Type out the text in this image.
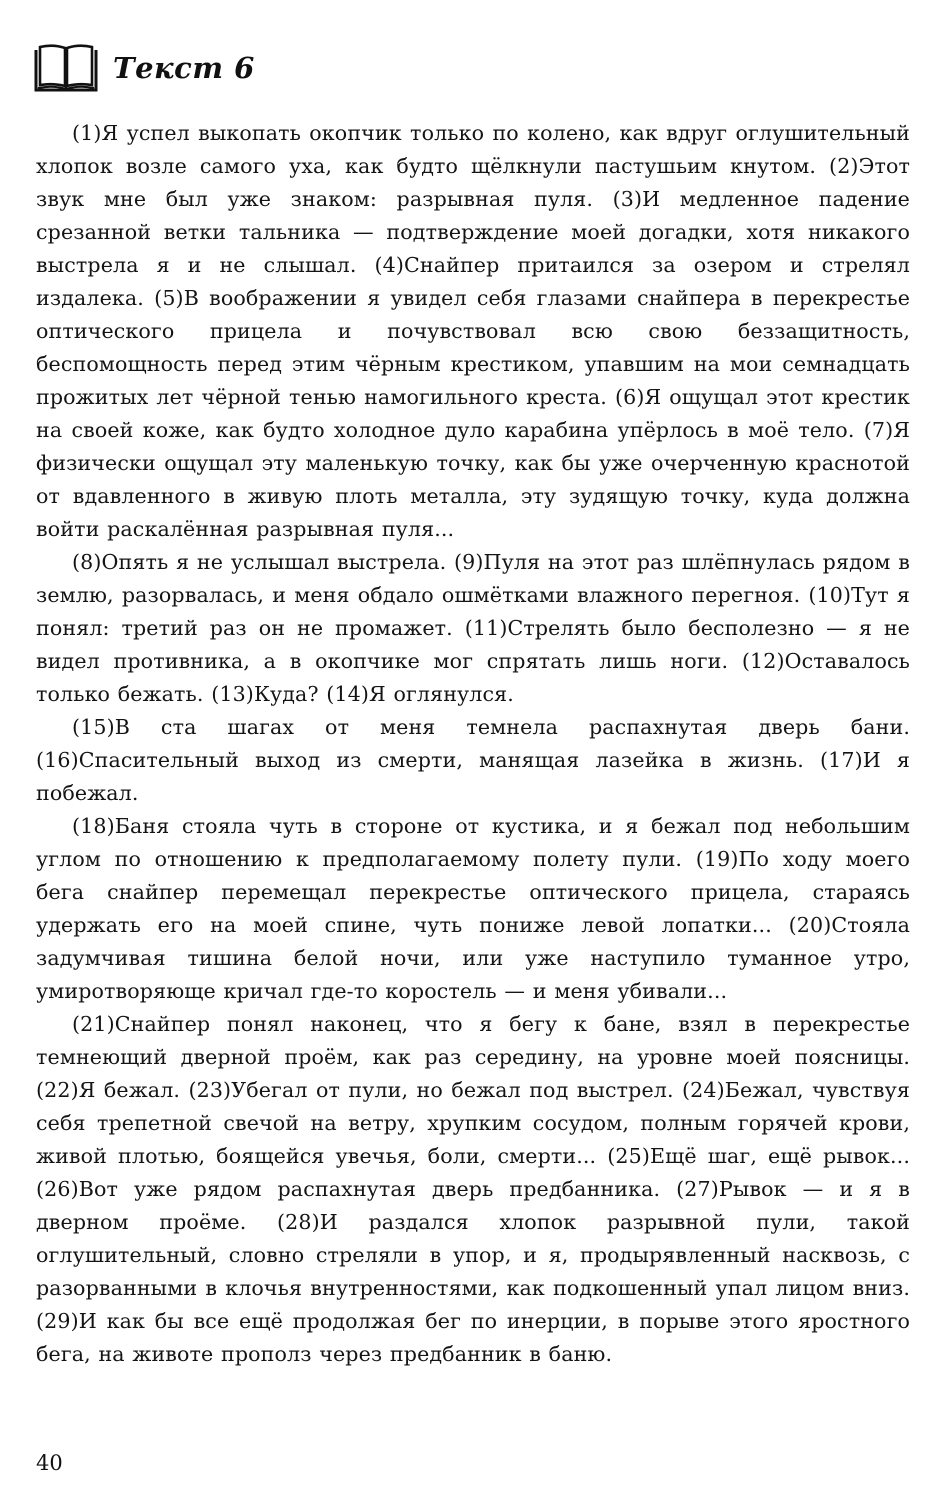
Текст 6

(1)Я успел выкопать окопчик только по колено, как вдруг оглушительный хлопок возле самого уха, как будто щёлкнули пастушьим кнутом. (2)Этот звук мне был уже знаком: разрывная пуля. (3)И медленное падение срезанной ветки тальника — подтверждение моей догадки, хотя никакого выстрела я и не слышал. (4)Снайпер притаился за озером и стрелял издалека. (5)В воображении я увидел себя глазами снайпера в перекрестье оптического прицела и почувствовал всю свою беззащитность, беспомощность перед этим чёрным крестиком, упавшим на мои семнадцать прожитых лет чёрной тенью намогильного креста. (6)Я ощущал этот крестик на своей коже, как будто холодное дуло карабина упёрлось в моё тело. (7)Я физически ощущал эту маленькую точку, как бы уже очерченную краснотой от вдавленного в живую плоть металла, эту зудящую точку, куда должна войти раскалённая разрывная пуля...

(8)Опять я не услышал выстрела. (9)Пуля на этот раз шлёпнулась рядом в землю, разорвалась, и меня обдало ошмётками влажного перегноя. (10)Тут я понял: третий раз он не промажет. (11)Стрелять было бесполезно — я не видел противника, а в окопчике мог спрятать лишь ноги. (12)Оставалось только бежать. (13)Куда? (14)Я оглянулся.

(15)В ста шагах от меня темнела распахнутая дверь бани. (16)Спасительный выход из смерти, манящая лазейка в жизнь. (17)И я побежал.

(18)Баня стояла чуть в стороне от кустика, и я бежал под небольшим углом по отношению к предполагаемому полету пули. (19)По ходу моего бега снайпер перемещал перекрестье оптического прицела, стараясь удержать его на моей спине, чуть пониже левой лопатки... (20)Стояла задумчивая тишина белой ночи, или уже наступило туманное утро, умиротворяюще кричал где-то коростель — и меня убивали...

(21)Снайпер понял наконец, что я бегу к бане, взял в перекрестье темнеющий дверной проём, как раз середину, на уровне моей поясницы. (22)Я бежал. (23)Убегал от пули, но бежал под выстрел. (24)Бежал, чувствуя себя трепетной свечой на ветру, хрупким сосудом, полным горячей крови, живой плотью, боящейся увечья, боли, смерти... (25)Ещё шаг, ещё рывок... (26)Вот уже рядом распахнутая дверь предбанника. (27)Рывок — и я в дверном проёме. (28)И раздался хлопок разрывной пули, такой оглушительный, словно стреляли в упор, и я, продырявленный насквозь, с разорванными в клочья внутренностями, как подкошенный упал лицом вниз. (29)И как бы все ещё продолжая бег по инерции, в порыве этого яростного бега, на животе прополз через предбанник в баню.

40
